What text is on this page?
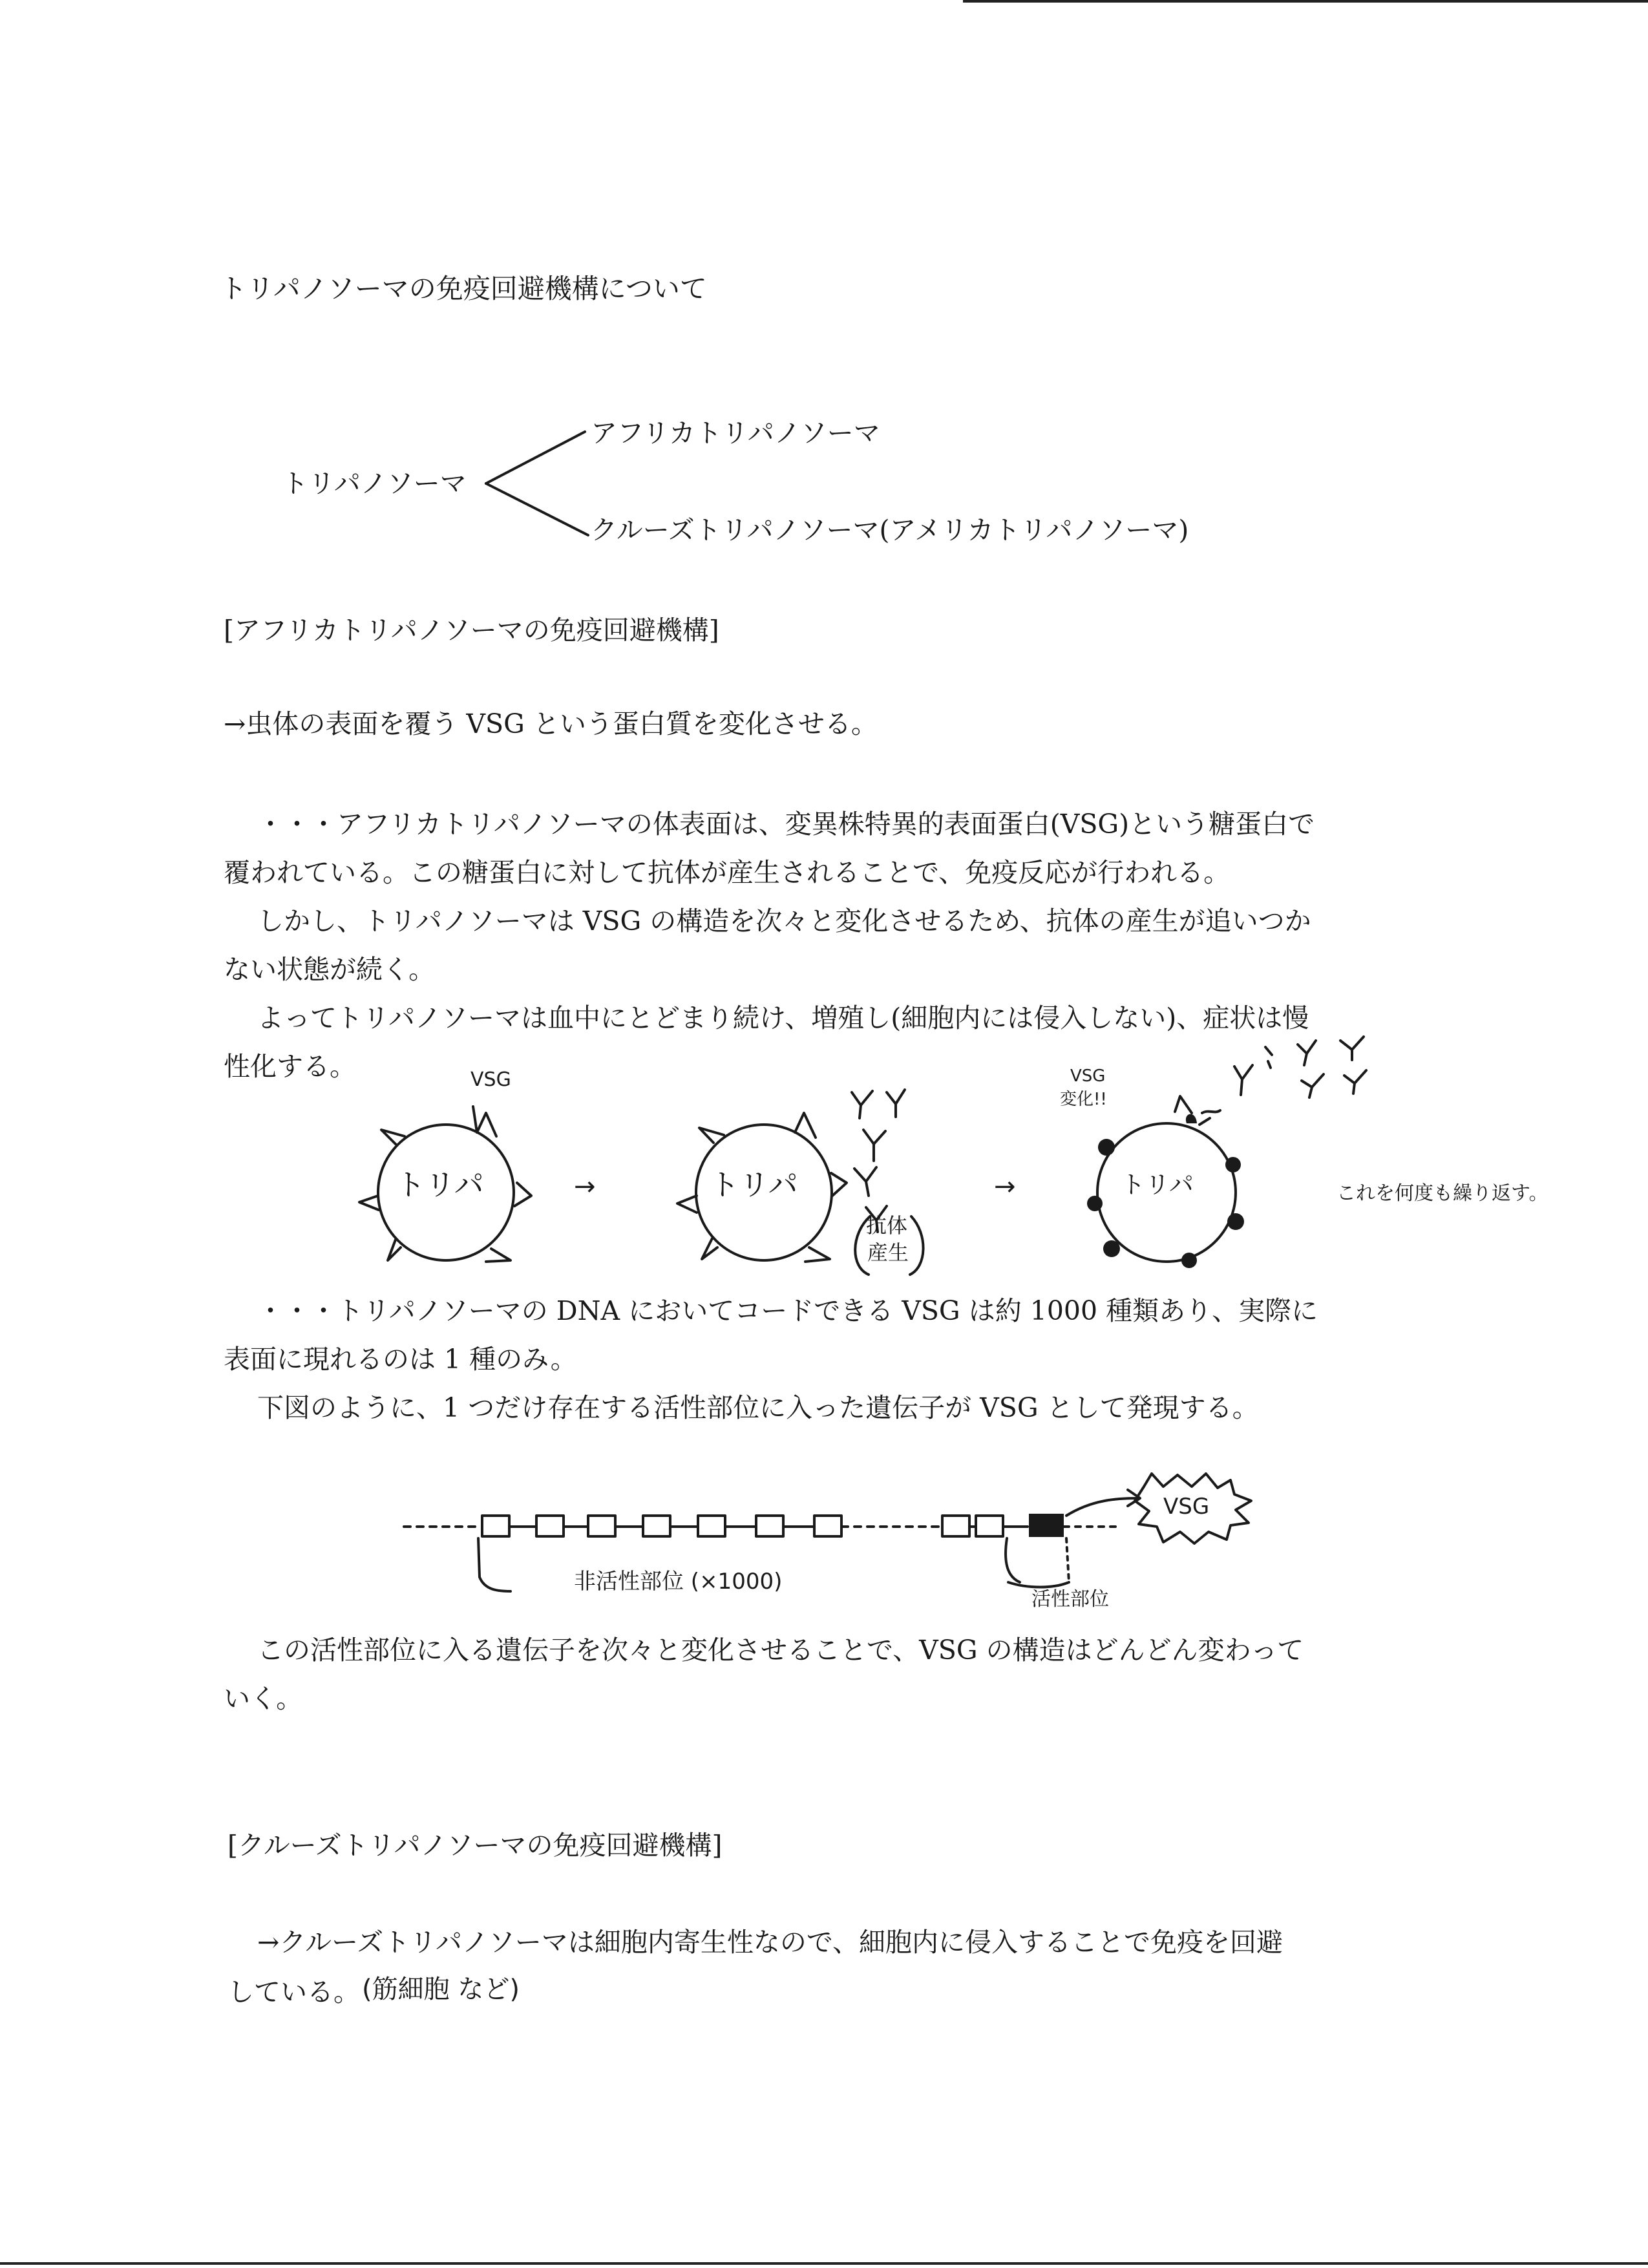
トリパノソーマの免疫回避機構について
トリパノソーマ
アフリカトリパノソーマ
クルーズトリパノソーマ(アメリカトリパノソーマ)
[アフリカトリパノソーマの免疫回避機構]
→虫体の表面を覆う VSG という蛋白質を変化させる。
・・・アフリカトリパノソーマの体表面は、変異株特異的表面蛋白(VSG)という糖蛋白で
覆われている。この糖蛋白に対して抗体が産生されることで、免疫反応が行われる。
しかし、トリパノソーマは VSG の構造を次々と変化させるため、抗体の産生が追いつか
ない状態が続く。
よってトリパノソーマは血中にとどまり続け、増殖し(細胞内には侵入しない)、症状は慢
性化する。	VSG
トリパ	トリパ	トリパ
→	→
抗体
産生
VSG
変化!!
これを何度も繰り返す。
・・・トリパノソーマの DNA においてコードできる VSG は約 1000 種類あり、実際に
表面に現れるのは 1 種のみ。
下図のように、1 つだけ存在する活性部位に入った遺伝子が VSG として発現する。
VSG
非活性部位 (×1000)
活性部位
この活性部位に入る遺伝子を次々と変化させることで、VSG の構造はどんどん変わって
いく。
[クルーズトリパノソーマの免疫回避機構]
→クルーズトリパノソーマは細胞内寄生性なので、細胞内に侵入することで免疫を回避
している。 (筋細胞 など)
